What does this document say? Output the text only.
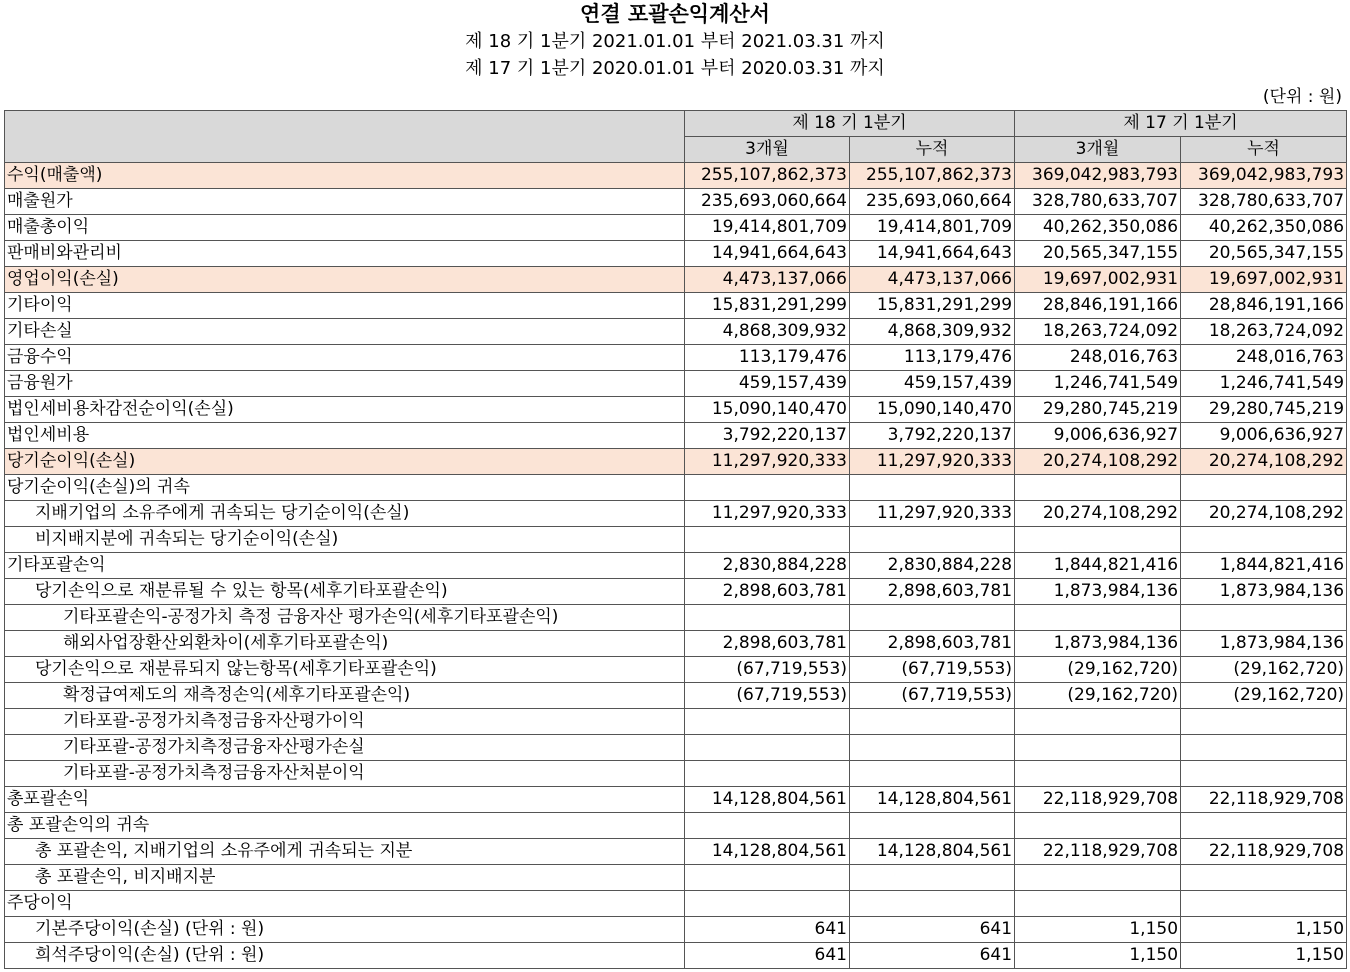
연결 포괄손익계산서
제 18 기 1분기 2021.01.01 부터 2021.03.31 까지
제 17 기 1분기 2020.01.01 부터 2020.03.31 까지
(단위 : 원)
	제 18 기 1분기		제 17 기 1분기	
	3개월	누적	3개월	누적
수익(매출액)	255,107,862,373	255,107,862,373	369,042,983,793	369,042,983,793
매출원가	235,693,060,664	235,693,060,664	328,780,633,707	328,780,633,707
매출총이익	19,414,801,709	19,414,801,709	40,262,350,086	40,262,350,086
판매비와관리비	14,941,664,643	14,941,664,643	20,565,347,155	20,565,347,155
영업이익(손실)	4,473,137,066	4,473,137,066	19,697,002,931	19,697,002,931
기타이익	15,831,291,299	15,831,291,299	28,846,191,166	28,846,191,166
기타손실	4,868,309,932	4,868,309,932	18,263,724,092	18,263,724,092
금융수익	113,179,476	113,179,476	248,016,763	248,016,763
금융원가	459,157,439	459,157,439	1,246,741,549	1,246,741,549
법인세비용차감전순이익(손실)	15,090,140,470	15,090,140,470	29,280,745,219	29,280,745,219
법인세비용	3,792,220,137	3,792,220,137	9,006,636,927	9,006,636,927
당기순이익(손실)	11,297,920,333	11,297,920,333	20,274,108,292	20,274,108,292
당기순이익(손실)의 귀속				
지배기업의 소유주에게 귀속되는 당기순이익(손실)	11,297,920,333	11,297,920,333	20,274,108,292	20,274,108,292
비지배지분에 귀속되는 당기순이익(손실)				
기타포괄손익	2,830,884,228	2,830,884,228	1,844,821,416	1,844,821,416
당기손익으로 재분류될 수 있는 항목(세후기타포괄손익)	2,898,603,781	2,898,603,781	1,873,984,136	1,873,984,136
기타포괄손익-공정가치 측정 금융자산 평가손익(세후기타포괄손익)				
해외사업장환산외환차이(세후기타포괄손익)	2,898,603,781	2,898,603,781	1,873,984,136	1,873,984,136
당기손익으로 재분류되지 않는항목(세후기타포괄손익)	(67,719,553)	(67,719,553)	(29,162,720)	(29,162,720)
확정급여제도의 재측정손익(세후기타포괄손익)	(67,719,553)	(67,719,553)	(29,162,720)	(29,162,720)
기타포괄-공정가치측정금융자산평가이익				
기타포괄-공정가치측정금융자산평가손실				
기타포괄-공정가치측정금융자산처분이익				
총포괄손익	14,128,804,561	14,128,804,561	22,118,929,708	22,118,929,708
총 포괄손익의 귀속				
총 포괄손익, 지배기업의 소유주에게 귀속되는 지분	14,128,804,561	14,128,804,561	22,118,929,708	22,118,929,708
총 포괄손익, 비지배지분				
주당이익				
기본주당이익(손실) (단위 : 원)	641	641	1,150	1,150
희석주당이익(손실) (단위 : 원)	641	641	1,150	1,150
